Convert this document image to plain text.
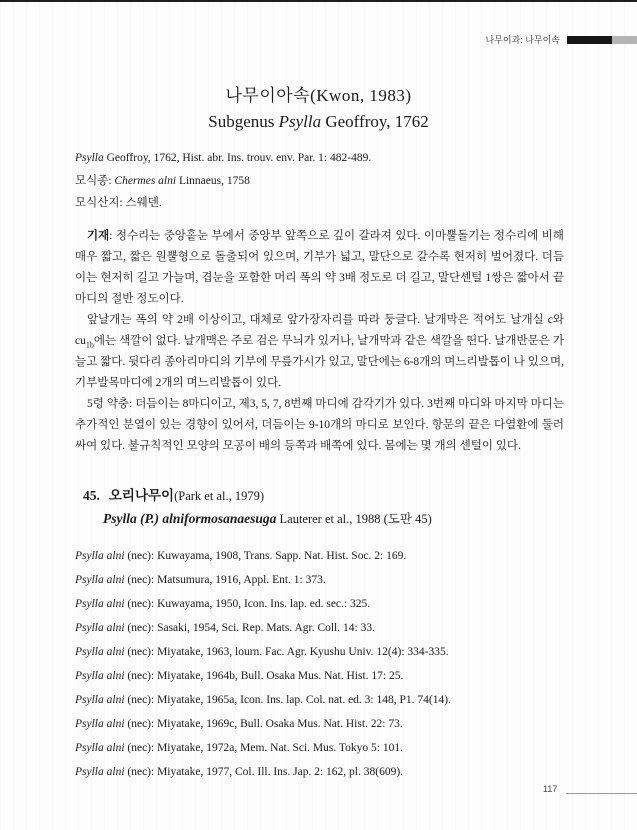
나무이과: 나무이속
나무이아속(Kwon, 1983)
Subgenus Psylla Geoffroy, 1762
Psylla Geoffroy, 1762, Hist. abr. Ins. trouv. env. Par. 1: 482-489.
모식종: Chermes alni Linnaeus, 1758
모식산지: 스웨덴.

기재: 정수리는 중앙홑눈 부에서 중앙부 앞쪽으로 깊이 갈라져 있다. 이마뿔돌기는 정수리에 비해 매우 짧고, 짧은 원뿔형으로 돌출되어 있으며, 기부가 넓고, 말단으로 갈수록 현저히 벌어졌다. 더듬이는 현저히 길고 가늘며, 겹눈을 포함한 머리 폭의 약 3배 정도로 더 길고, 말단센털 1쌍은 짧아서 끝마디의 절반 정도이다.

앞날개는 폭의 약 2배 이상이고, 대체로 앞가장자리를 따라 둥글다. 날개막은 적어도 날개실 c와 $cu_{1b}$에는 색깔이 없다. 날개맥은 주로 검은 무늬가 있거나, 날개막과 같은 색깔을 띤다. 날개반문은 가늘고 짧다. 뒷다리 종아리마디의 기부에 무릎가시가 있고, 말단에는 6-8개의 며느리발톱이 나 있으며, 기부발목마디에 2개의 며느리발톱이 있다.

5령 약충: 더듬이는 8마디이고, 제3, 5, 7, 8번째 마디에 감각기가 있다. 3번째 마디와 마지막 마디는 추가적인 분열이 있는 경향이 있어서, 더듬이는 9-10개의 마디로 보인다. 항문의 끝은 다열환에 둘러싸여 있다. 불규칙적인 모양의 모공이 배의 등쪽과 배쪽에 있다. 몸에는 몇 개의 센털이 있다.

45. 오리나무이(Park et al., 1979)
Psylla (P.) alniformosanaesuga Lauterer et al., 1988 (도판 45)
Psylla alni (nec): Kuwayama, 1908, Trans. Sapp. Nat. Hist. Soc. 2: 169.
Psylla alni (nec): Matsumura, 1916, Appl. Ent. 1: 373.
Psylla alni (nec): Kuwayama, 1950, Icon. Ins. lap. ed. sec.: 325.
Psylla alni (nec): Sasaki, 1954, Sci. Rep. Mats. Agr. Coll. 14: 33.
Psylla alni (nec): Miyatake, 1963, lourn. Fac. Agr. Kyushu Univ. 12(4): 334-335.
Psylla alni (nec): Miyatake, 1964b, Bull. Osaka Mus. Nat. Hist. 17: 25.
Psylla alni (nec): Miyatake, 1965a, Icon. Ins. lap. Col. nat. ed. 3: 148, P1. 74(14).
Psylla alni (nec): Miyatake, 1969c, Bull. Osaka Mus. Nat. Hist. 22: 73.
Psylla alni (nec): Miyatake, 1972a, Mem. Nat. Sci. Mus. Tokyo 5: 101.
Psylla alni (nec): Miyatake, 1977, Col. Ill. Ins. Jap. 2: 162, pl. 38(609).
117
